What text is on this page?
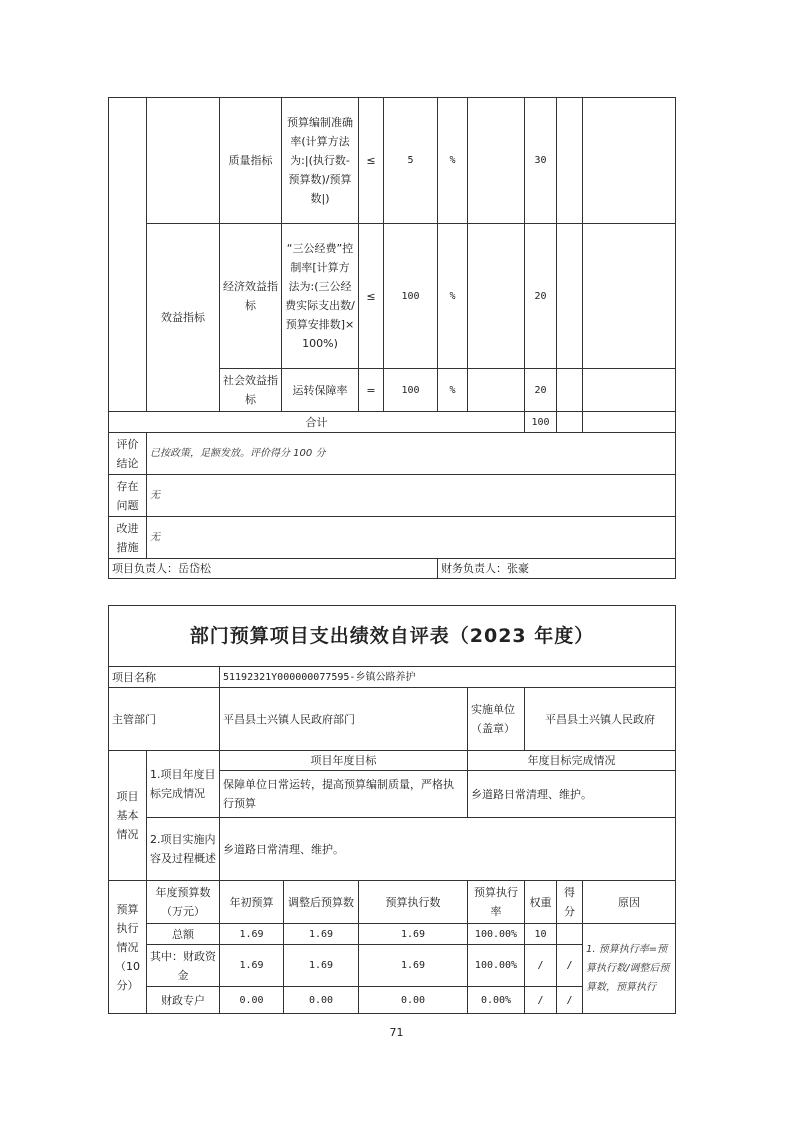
		质量指标	预算编制准确率(计算方法为:|(执行数-预算数)/预算数|)	≤	5	%		30		
	效益指标	经济效益指标	“三公经费”控制率[计算方法为:(三公经费实际支出数/预算安排数]×100%)	≤	100	%		20		
		社会效益指标	运转保障率	=	100	%		20		
合计								100		
评价结论	已按政策，足额发放。评价得分 100 分									
存在问题	无									
改进措施	无									
项目负责人：岳岱松						财务负责人：张豪				
部门预算项目支出绩效自评表（2023 年度）								
项目名称		51192321Y000000077595-乡镇公路养护						
主管部门		平昌县土兴镇人民政府部门			实施单位（盖章）	平昌县土兴镇人民政府		
项目基本情况	1.项目年度目标完成情况	项目年度目标			年度目标完成情况			
		保障单位日常运转，提高预算编制质量，严格执行预算			乡道路日常清理、维护。			
	2.项目实施内容及过程概述	乡道路日常清理、维护。						
预算执行情况（10分）	年度预算数（万元）	年初预算	调整后预算数	预算执行数	预算执行率	权重	得分	原因
	总额	1.69	1.69	1.69	100.00%	10		1. 预算执行率=预算执行数/调整后预算数，预算执行
	其中：财政资金	1.69	1.69	1.69	100.00%	/	/	
	财政专户	0.00	0.00	0.00	0.00%	/	/	
71
